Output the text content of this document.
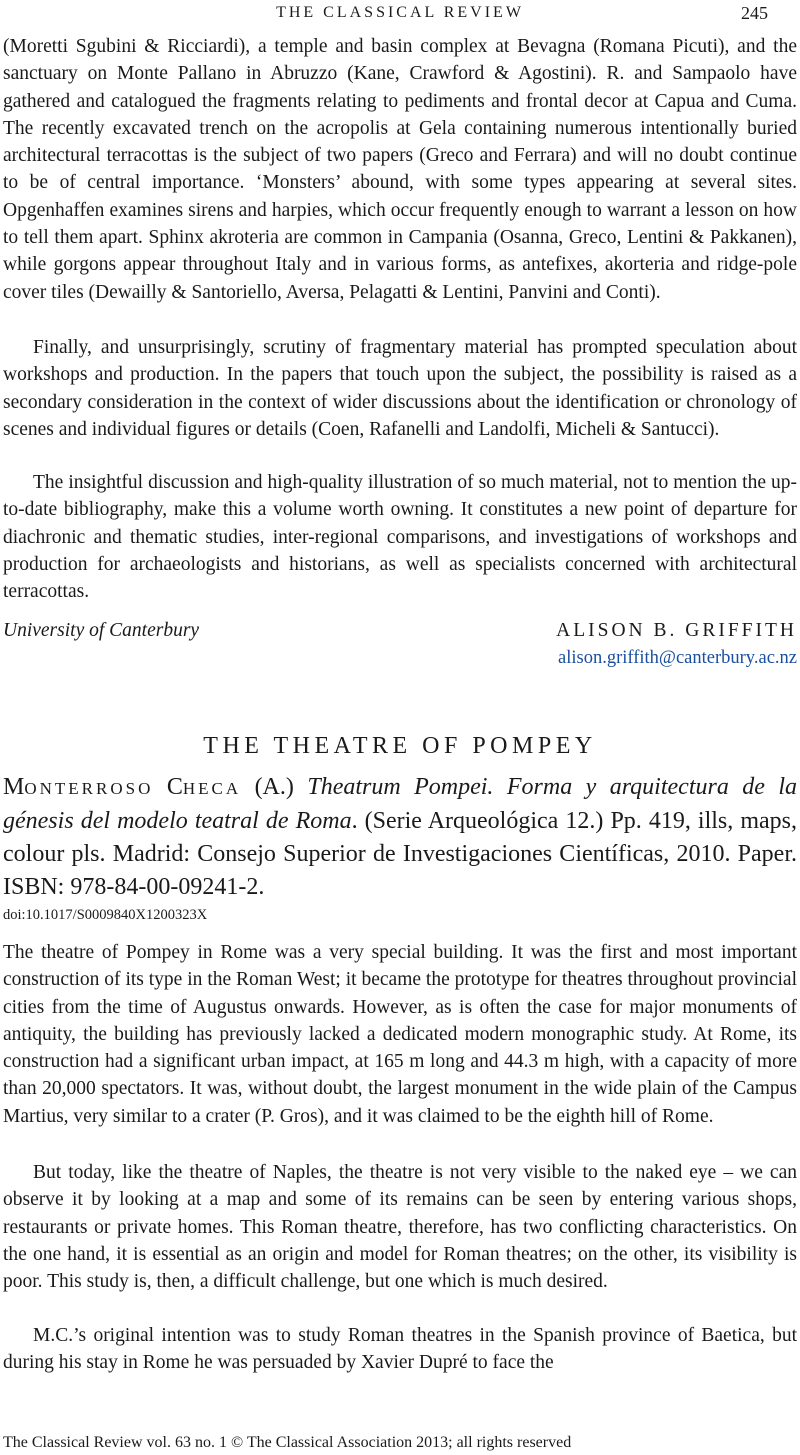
THE CLASSICAL REVIEW	245

(Moretti Sgubini & Ricciardi), a temple and basin complex at Bevagna (Romana Picuti), and the sanctuary on Monte Pallano in Abruzzo (Kane, Crawford & Agostini). R. and Sampaolo have gathered and catalogued the fragments relating to pediments and frontal decor at Capua and Cuma. The recently excavated trench on the acropolis at Gela containing numerous intentionally buried architectural terracottas is the subject of two papers (Greco and Ferrara) and will no doubt continue to be of central importance. ‘Monsters’ abound, with some types appearing at several sites. Opgenhaffen examines sirens and harpies, which occur frequently enough to warrant a lesson on how to tell them apart. Sphinx akroteria are common in Campania (Osanna, Greco, Lentini & Pakkanen), while gorgons appear throughout Italy and in various forms, as antefixes, akorteria and ridge-pole cover tiles (Dewailly & Santoriello, Aversa, Pelagatti & Lentini, Panvini and Conti).

Finally, and unsurprisingly, scrutiny of fragmentary material has prompted speculation about workshops and production. In the papers that touch upon the subject, the possibility is raised as a secondary consideration in the context of wider discussions about the identification or chronology of scenes and individual figures or details (Coen, Rafanelli and Landolfi, Micheli & Santucci).

The insightful discussion and high-quality illustration of so much material, not to mention the up-to-date bibliography, make this a volume worth owning. It constitutes a new point of departure for diachronic and thematic studies, inter-regional comparisons, and investigations of workshops and production for archaeologists and historians, as well as specialists concerned with architectural terracottas.

University of Canterbury	ALISON B. GRIFFITH
alison.griffith@canterbury.ac.nz
THE THEATRE OF POMPEY

MONTERROSO CHECA (A.) Theatrum Pompei. Forma y arquitectura de la génesis del modelo teatral de Roma. (Serie Arqueológica 12.) Pp. 419, ills, maps, colour pls. Madrid: Consejo Superior de Investigaciones Científicas, 2010. Paper. ISBN: 978-84-00-09241-2.

doi:10.1017/S0009840X1200323X

The theatre of Pompey in Rome was a very special building. It was the first and most important construction of its type in the Roman West; it became the prototype for theatres throughout provincial cities from the time of Augustus onwards. However, as is often the case for major monuments of antiquity, the building has previously lacked a dedicated modern monographic study. At Rome, its construction had a significant urban impact, at 165 m long and 44.3 m high, with a capacity of more than 20,000 spectators. It was, without doubt, the largest monument in the wide plain of the Campus Martius, very similar to a crater (P. Gros), and it was claimed to be the eighth hill of Rome.

But today, like the theatre of Naples, the theatre is not very visible to the naked eye – we can observe it by looking at a map and some of its remains can be seen by entering various shops, restaurants or private homes. This Roman theatre, therefore, has two conflicting characteristics. On the one hand, it is essential as an origin and model for Roman theatres; on the other, its visibility is poor. This study is, then, a difficult challenge, but one which is much desired.

M.C.’s original intention was to study Roman theatres in the Spanish province of Baetica, but during his stay in Rome he was persuaded by Xavier Dupré to face the

The Classical Review vol. 63 no. 1 © The Classical Association 2013; all rights reserved
